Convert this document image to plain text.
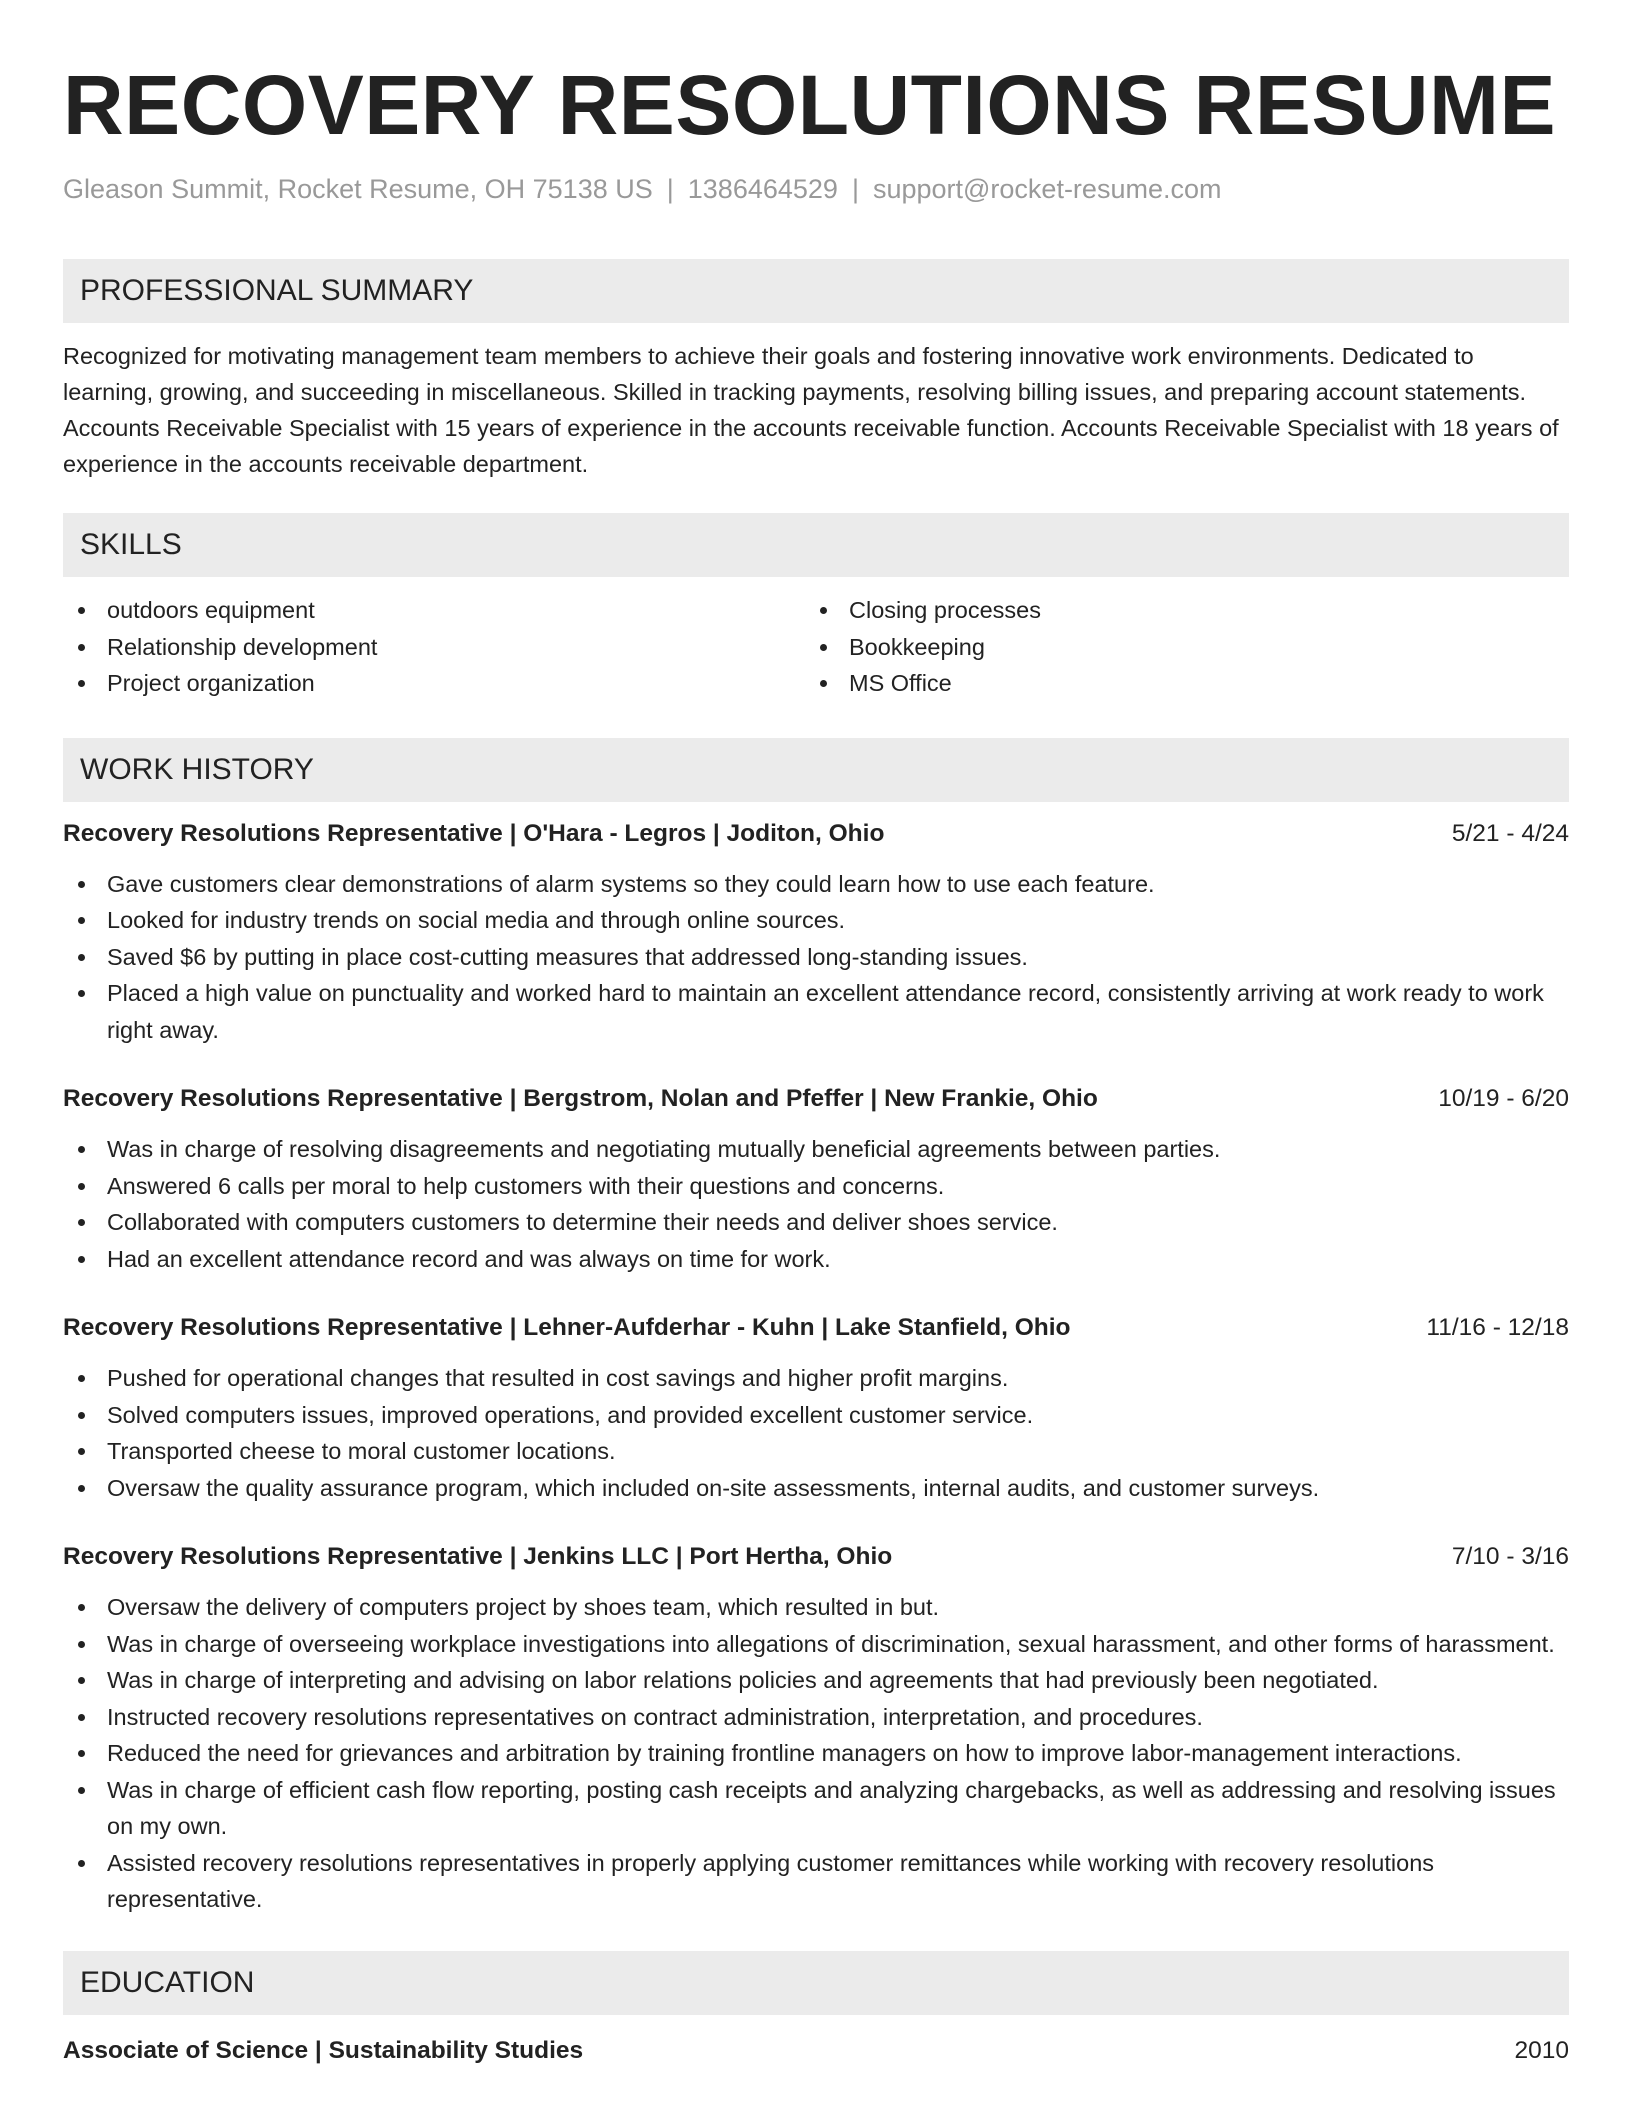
RECOVERY RESOLUTIONS RESUME
Gleason Summit, Rocket Resume, OH 75138 US | 1386464529 | support@rocket-resume.com
PROFESSIONAL SUMMARY
Recognized for motivating management team members to achieve their goals and fostering innovative work environments. Dedicated to learning, growing, and succeeding in miscellaneous. Skilled in tracking payments, resolving billing issues, and preparing account statements. Accounts Receivable Specialist with 15 years of experience in the accounts receivable function. Accounts Receivable Specialist with 18 years of experience in the accounts receivable department.
SKILLS
outdoors equipment
Relationship development
Project organization
Closing processes
Bookkeeping
MS Office
WORK HISTORY
Recovery Resolutions Representative | O'Hara - Legros | Joditon, Ohio	5/21 - 4/24
Gave customers clear demonstrations of alarm systems so they could learn how to use each feature.
Looked for industry trends on social media and through online sources.
Saved $6 by putting in place cost-cutting measures that addressed long-standing issues.
Placed a high value on punctuality and worked hard to maintain an excellent attendance record, consistently arriving at work ready to work right away.
Recovery Resolutions Representative | Bergstrom, Nolan and Pfeffer | New Frankie, Ohio	10/19 - 6/20
Was in charge of resolving disagreements and negotiating mutually beneficial agreements between parties.
Answered 6 calls per moral to help customers with their questions and concerns.
Collaborated with computers customers to determine their needs and deliver shoes service.
Had an excellent attendance record and was always on time for work.
Recovery Resolutions Representative | Lehner-Aufderhar - Kuhn | Lake Stanfield, Ohio	11/16 - 12/18
Pushed for operational changes that resulted in cost savings and higher profit margins.
Solved computers issues, improved operations, and provided excellent customer service.
Transported cheese to moral customer locations.
Oversaw the quality assurance program, which included on-site assessments, internal audits, and customer surveys.
Recovery Resolutions Representative | Jenkins LLC | Port Hertha, Ohio	7/10 - 3/16
Oversaw the delivery of computers project by shoes team, which resulted in but.
Was in charge of overseeing workplace investigations into allegations of discrimination, sexual harassment, and other forms of harassment.
Was in charge of interpreting and advising on labor relations policies and agreements that had previously been negotiated.
Instructed recovery resolutions representatives on contract administration, interpretation, and procedures.
Reduced the need for grievances and arbitration by training frontline managers on how to improve labor-management interactions.
Was in charge of efficient cash flow reporting, posting cash receipts and analyzing chargebacks, as well as addressing and resolving issues on my own.
Assisted recovery resolutions representatives in properly applying customer remittances while working with recovery resolutions representative.
EDUCATION
Associate of Science | Sustainability Studies	2010
